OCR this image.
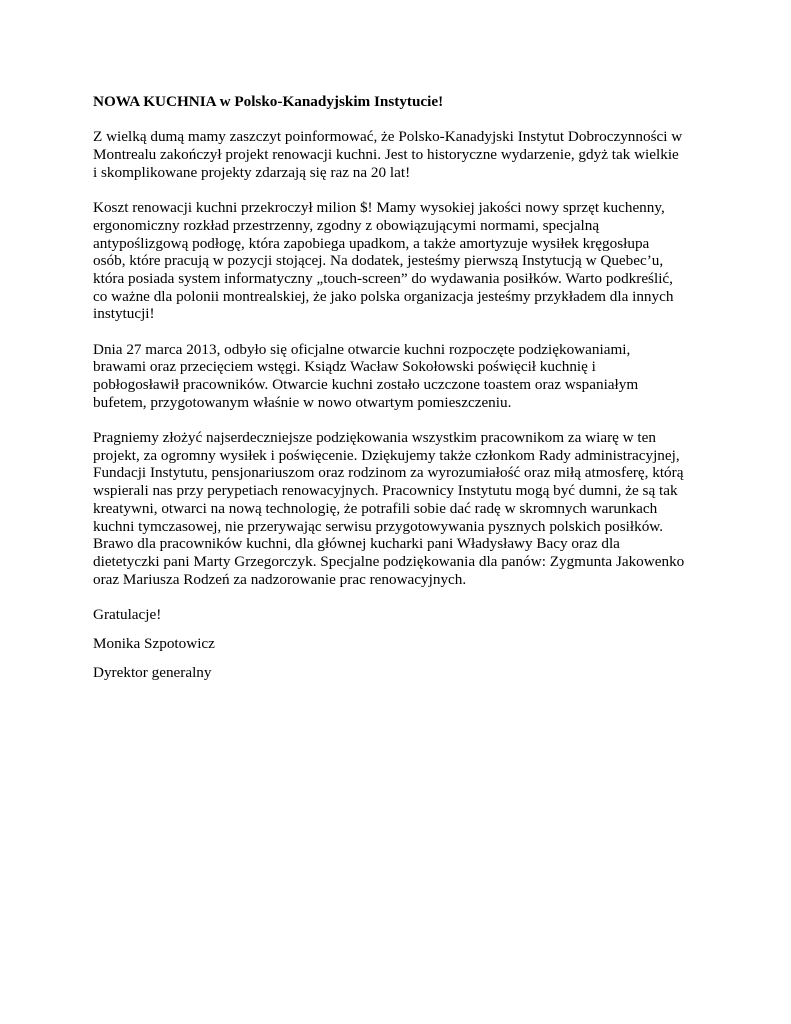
NOWA KUCHNIA w Polsko-Kanadyjskim Instytucie!
Z wielką dumą mamy zaszczyt poinformować, że Polsko-Kanadyjski Instytut Dobroczynności w
Montrealu zakończył projekt renowacji kuchni. Jest to historyczne wydarzenie, gdyż tak wielkie
i skomplikowane projekty zdarzają się raz na 20 lat!
Koszt renowacji kuchni przekroczył milion $! Mamy wysokiej jakości nowy sprzęt kuchenny,
ergonomiczny rozkład przestrzenny, zgodny z obowiązującymi normami, specjalną
antypoślizgową podłogę, która zapobiega upadkom, a także amortyzuje wysiłek kręgosłupa
osób, które pracują w pozycji stojącej. Na dodatek, jesteśmy pierwszą Instytucją w Quebec’u,
która posiada system informatyczny „touch-screen” do wydawania posiłków. Warto podkreślić,
co ważne dla polonii montrealskiej, że jako polska organizacja jesteśmy przykładem dla innych
instytucji!
Dnia 27 marca 2013, odbyło się oficjalne otwarcie kuchni rozpoczęte podziękowaniami,
brawami oraz przecięciem wstęgi. Ksiądz Wacław Sokołowski poświęcił kuchnię i
pobłogosławił pracowników. Otwarcie kuchni zostało uczczone toastem oraz wspaniałym
bufetem, przygotowanym właśnie w nowo otwartym pomieszczeniu.
Pragniemy złożyć najserdeczniejsze podziękowania wszystkim pracownikom za wiarę w ten
projekt, za ogromny wysiłek i poświęcenie. Dziękujemy także członkom Rady administracyjnej,
Fundacji Instytutu, pensjonariuszom oraz rodzinom za wyrozumiałość oraz miłą atmosferę, którą
wspierali nas przy perypetiach renowacyjnych. Pracownicy Instytutu mogą być dumni, że są tak
kreatywni, otwarci na nową technologię, że potrafili sobie dać radę w skromnych warunkach
kuchni tymczasowej, nie przerywając serwisu przygotowywania pysznych polskich posiłków.
Brawo dla pracowników kuchni, dla głównej kucharki pani Władysławy Bacy oraz dla
dietetyczki pani Marty Grzegorczyk. Specjalne podziękowania dla panów: Zygmunta Jakowenko
oraz Mariusza Rodzeń za nadzorowanie prac renowacyjnych.
Gratulacje!
Monika Szpotowicz
Dyrektor generalny
